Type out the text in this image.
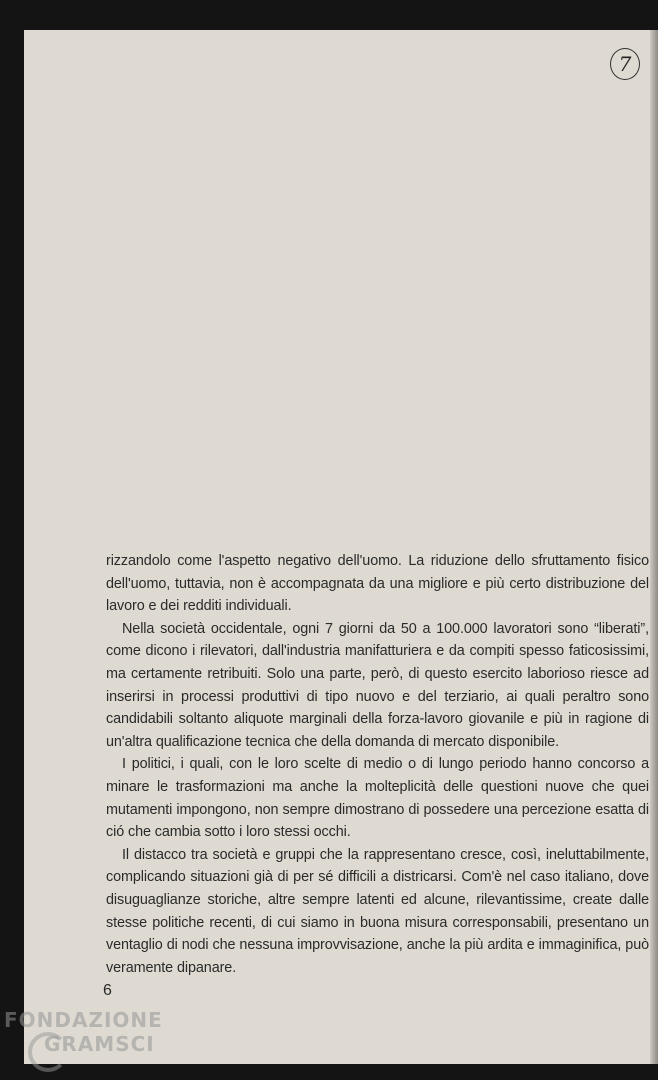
7

rizzandolo come l'aspetto negativo dell'uomo. La riduzione dello sfruttamento fisico dell'uomo, tuttavia, non è accompagnata da una migliore e più certo distribuzione del lavoro e dei redditi individuali.

Nella società occidentale, ogni 7 giorni da 50 a 100.000 lavoratori sono “liberati”, come dicono i rilevatori, dall'industria manifatturiera e da compiti spesso faticosissimi, ma certamente retribuiti. Solo una parte, però, di questo esercito laborioso riesce ad inserirsi in processi produttivi di tipo nuovo e del terziario, ai quali peraltro sono candidabili soltanto aliquote marginali della forza-lavoro giovanile e più in ragione di un'altra qualificazione tecnica che della domanda di mercato disponibile.

I politici, i quali, con le loro scelte di medio o di lungo periodo hanno concorso a minare le trasformazioni ma anche la molteplicità delle questioni nuove che quei mutamenti impongono, non sempre dimostrano di possedere una percezione esatta di ció che cambia sotto i loro stessi occhi.

Il distacco tra società e gruppi che la rappresentano cresce, così, ineluttabilmente, complicando situazioni già di per sé difficili a districarsi. Com'è nel caso italiano, dove disuguaglianze storiche, altre sempre latenti ed alcune, rilevantissime, create dalle stesse politiche recenti, di cui siamo in buona misura corresponsabili, presentano un ventaglio di nodi che nessuna improvvisazione, anche la più ardita e immaginifica, può veramente dipanare.

6
FONDAZIONE
GRAMSCI
